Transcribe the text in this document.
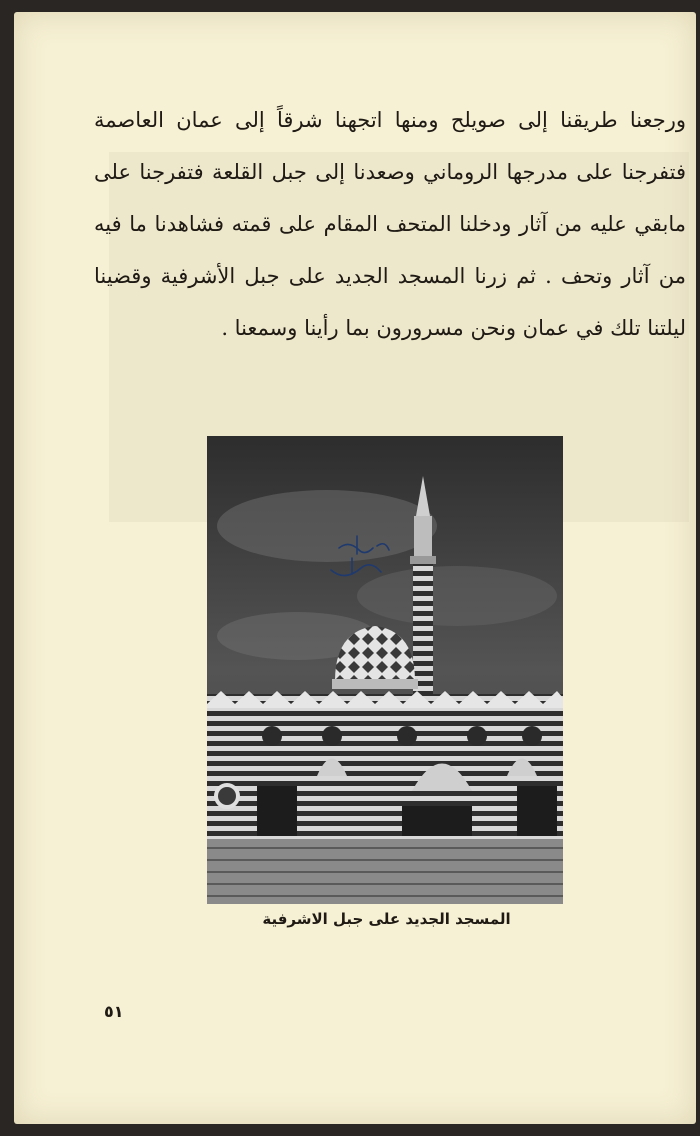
ورجعنا طريقنا إلى صويلح ومنها اتجهنا شرقاً إلى عمان العاصمة فتفرجنا على مدرجها الروماني وصعدنا إلى جبل القلعة فتفرجنا على مابقي عليه من آثار ودخلنا المتحف المقام على قمته فشاهدنا ما فيه من آثار وتحف . ثم زرنا المسجد الجديد على جبل الأشرفية وقضينا ليلتنا تلك في عمان ونحن مسرورون بما رأينا وسمعنا .

المسجد الجديد على جبل الاشرفية
٥١
